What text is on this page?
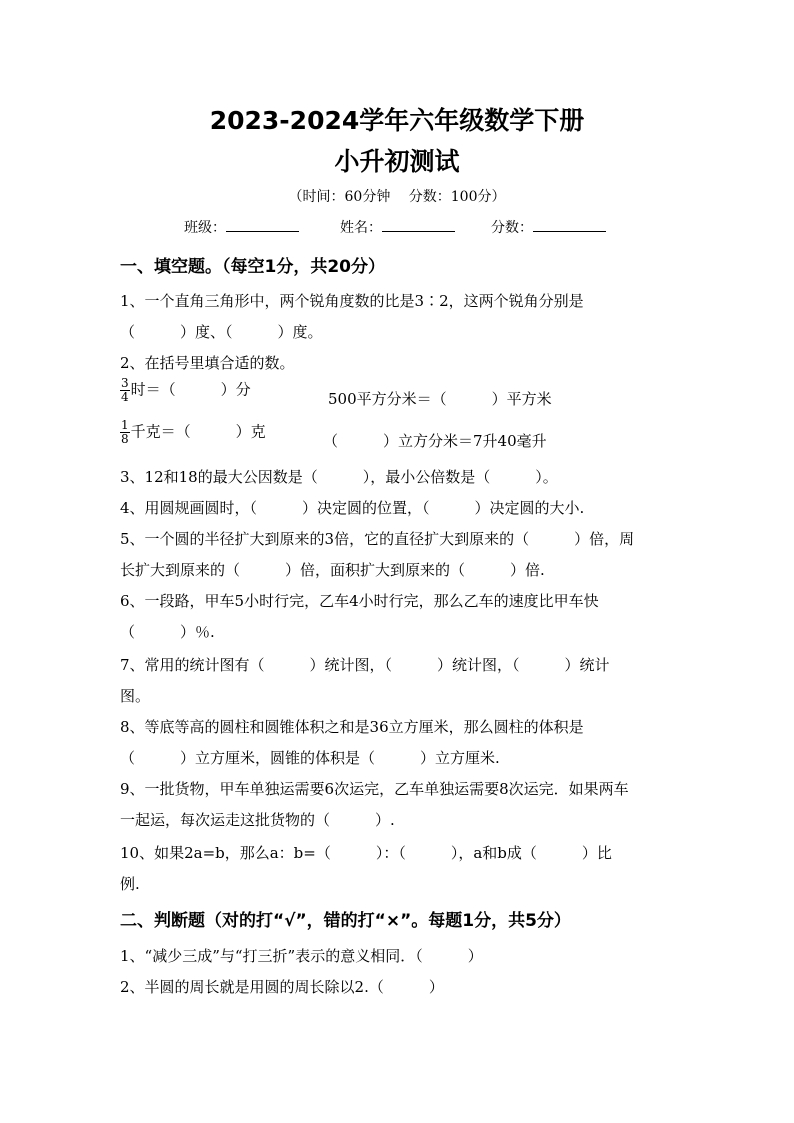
2023-2024学年六年级数学下册
小升初测试
（时间：60分钟　 分数：100分）
班级：	姓名：	分数：
一、填空题。（每空1分，共20分）
1、一个直角三角形中，两个锐角度数的比是3∶2，这两个锐角分别是
（　　　）度、（　　　）度。
2、在括号里填合适的数。
$\frac{3}{4}$ 时＝（　　　）分
500平方分米＝（　　　）平方米
$\frac{1}{8}$ 千克＝（　　　）克
（　　　）立方分米＝7升40毫升
3、12和18的最大公因数是（　　　），最小公倍数是（　　　）。
4、用圆规画圆时，（　　　）决定圆的位置，（　　　）决定圆的大小.
5、一个圆的半径扩大到原来的3倍，它的直径扩大到原来的（　　　）倍，周
长扩大到原来的（　　　）倍，面积扩大到原来的（　　　）倍.
6、一段路，甲车5小时行完，乙车4小时行完，那么乙车的速度比甲车快
（　　　）％.
7、常用的统计图有（　　　）统计图，（　　　）统计图，（　　　）统计
图。
8、等底等高的圆柱和圆锥体积之和是36立方厘米，那么圆柱的体积是
（　　　）立方厘米，圆锥的体积是（　　　）立方厘米.
9、一批货物，甲车单独运需要6次运完，乙车单独运需要8次运完．如果两车
一起运，每次运走这批货物的（　　　）.
10、如果2a=b，那么a：b=（　　　）：（　　　），a和b成（　　　）比
例.
二、判断题（对的打“√”，错的打“×”。每题1分，共5分）
1、“减少三成”与“打三折”表示的意义相同．（　　　）
2、半圆的周长就是用圆的周长除以2.（　　　）
